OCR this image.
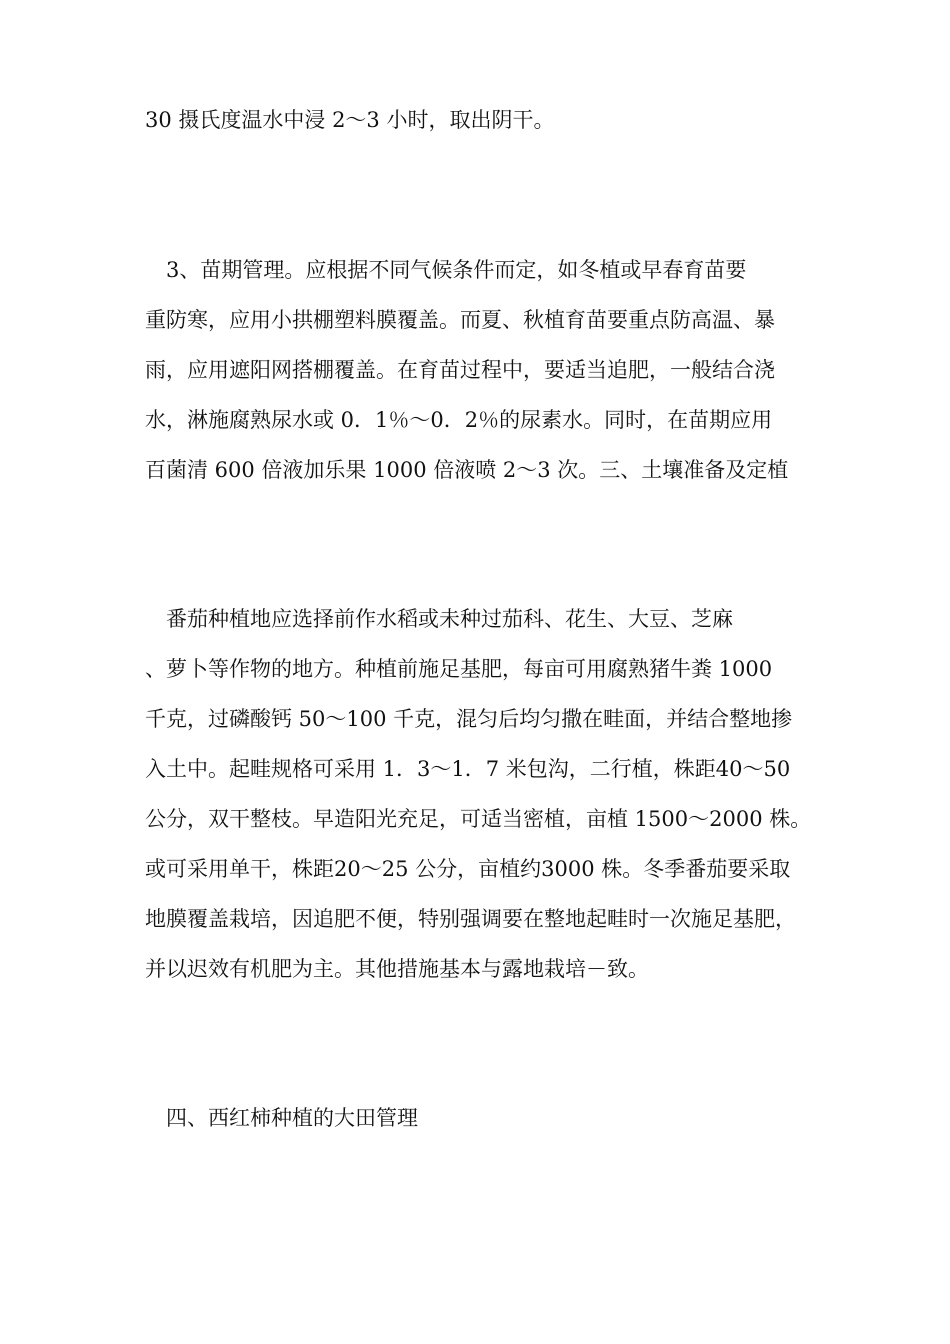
30 摄氏度温水中浸 2～3 小时，取出阴干。

　3、苗期管理。应根据不同气候条件而定，如冬植或早春育苗要

重防寒，应用小拱棚塑料膜覆盖。而夏、秋植育苗要重点防高温、暴

雨，应用遮阳网搭棚覆盖。在育苗过程中，要适当追肥，一般结合浇

水，淋施腐熟尿水或 0．1％～0．2％的尿素水。同时，在苗期应用

百菌清 600 倍液加乐果 1000 倍液喷 2～3 次。三、土壤准备及定植

　番茄种植地应选择前作水稻或未种过茄科、花生、大豆、芝麻

、萝卜等作物的地方。种植前施足基肥，每亩可用腐熟猪牛粪 1000

千克，过磷酸钙 50～100 千克，混匀后均匀撒在畦面，并结合整地掺

入土中。起畦规格可采用 1．3～1．7 米包沟，二行植，株距40～50

公分，双干整枝。早造阳光充足，可适当密植，亩植 1500～2000 株。

或可采用单干，株距20～25 公分，亩植约3000 株。冬季番茄要采取

地膜覆盖栽培，因追肥不便，特别强调要在整地起畦时一次施足基肥，

并以迟效有机肥为主。其他措施基本与露地栽培－致。

　四、西红柿种植的大田管理
